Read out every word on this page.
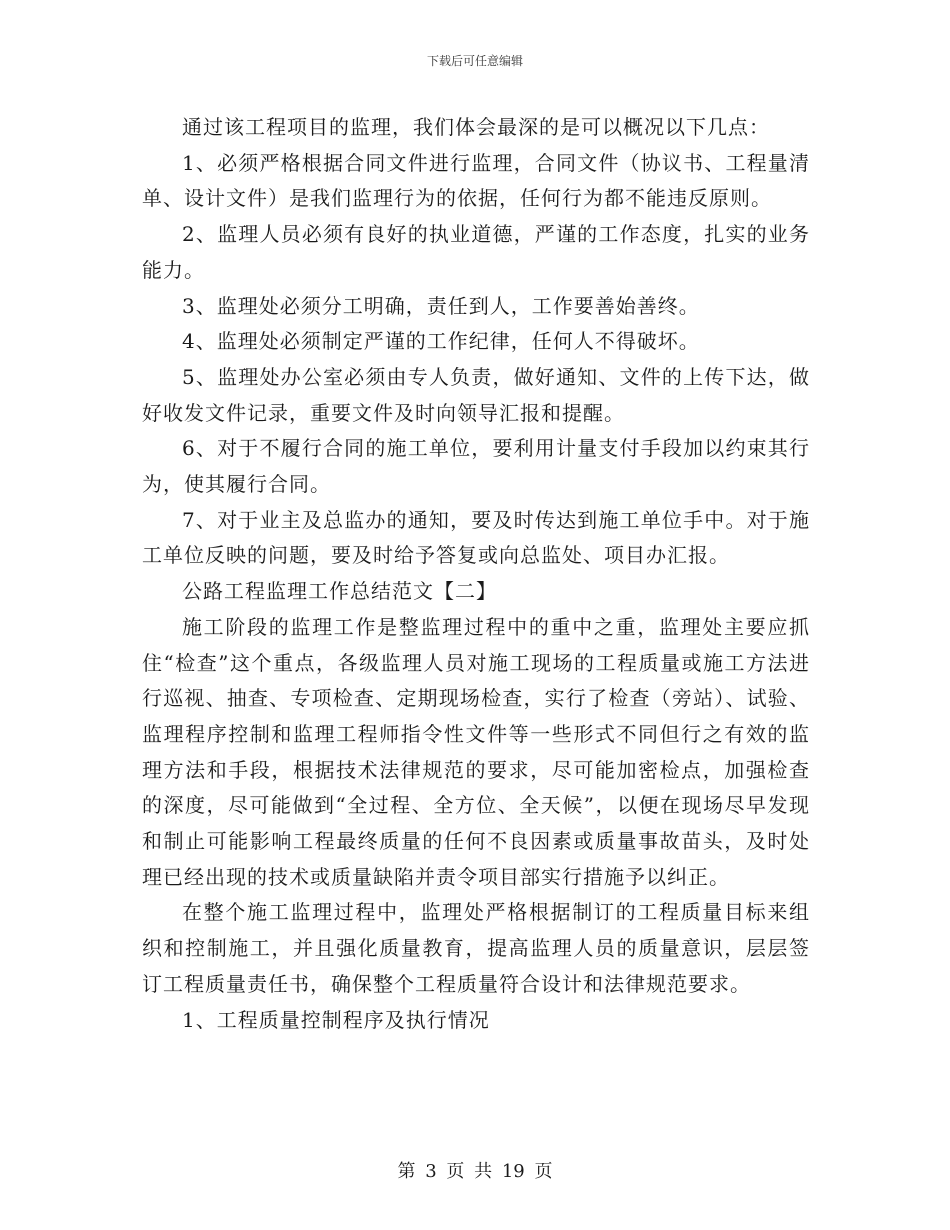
下载后可任意编辑

通过该工程项目的监理，我们体会最深的是可以概况以下几点：

1、必须严格根据合同文件进行监理，合同文件（协议书、工程量清单、设计文件）是我们监理行为的依据，任何行为都不能违反原则。

2、监理人员必须有良好的执业道德，严谨的工作态度，扎实的业务能力。

3、监理处必须分工明确，责任到人，工作要善始善终。

4、监理处必须制定严谨的工作纪律，任何人不得破坏。

5、监理处办公室必须由专人负责，做好通知、文件的上传下达，做好收发文件记录，重要文件及时向领导汇报和提醒。

6、对于不履行合同的施工单位，要利用计量支付手段加以约束其行为，使其履行合同。

7、对于业主及总监办的通知，要及时传达到施工单位手中。对于施工单位反映的问题，要及时给予答复或向总监处、项目办汇报。

公路工程监理工作总结范文【二】

施工阶段的监理工作是整监理过程中的重中之重，监理处主要应抓住“检查”这个重点，各级监理人员对施工现场的工程质量或施工方法进行巡视、抽查、专项检查、定期现场检查，实行了检查（旁站）、试验、监理程序控制和监理工程师指令性文件等一些形式不同但行之有效的监理方法和手段，根据技术法律规范的要求，尽可能加密检点，加强检查的深度，尽可能做到“全过程、全方位、全天候”，以便在现场尽早发现和制止可能影响工程最终质量的任何不良因素或质量事故苗头，及时处理已经出现的技术或质量缺陷并责令项目部实行措施予以纠正。

在整个施工监理过程中，监理处严格根据制订的工程质量目标来组织和控制施工，并且强化质量教育，提高监理人员的质量意识，层层签订工程质量责任书，确保整个工程质量符合设计和法律规范要求。

1、工程质量控制程序及执行情况

第 3 页 共 19 页
